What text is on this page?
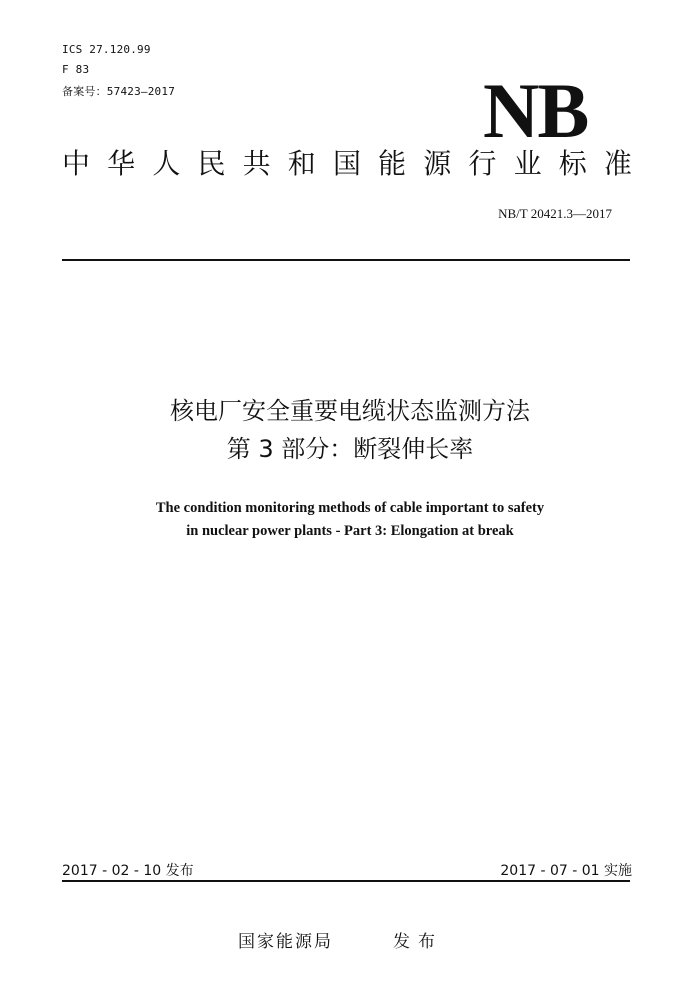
ICS 27.120.99
F 83
备案号：57423—2017	NB
中 华 人 民 共 和 国 能 源 行 业 标 准
NB/T 20421.3—2017
核电厂安全重要电缆状态监测方法
第 3 部分：断裂伸长率
The condition monitoring methods of cable important to safety
in nuclear power plants - Part 3: Elongation at break
2017 - 02 - 10 发布	2017 - 07 - 01 实施
国家能源局	发布
